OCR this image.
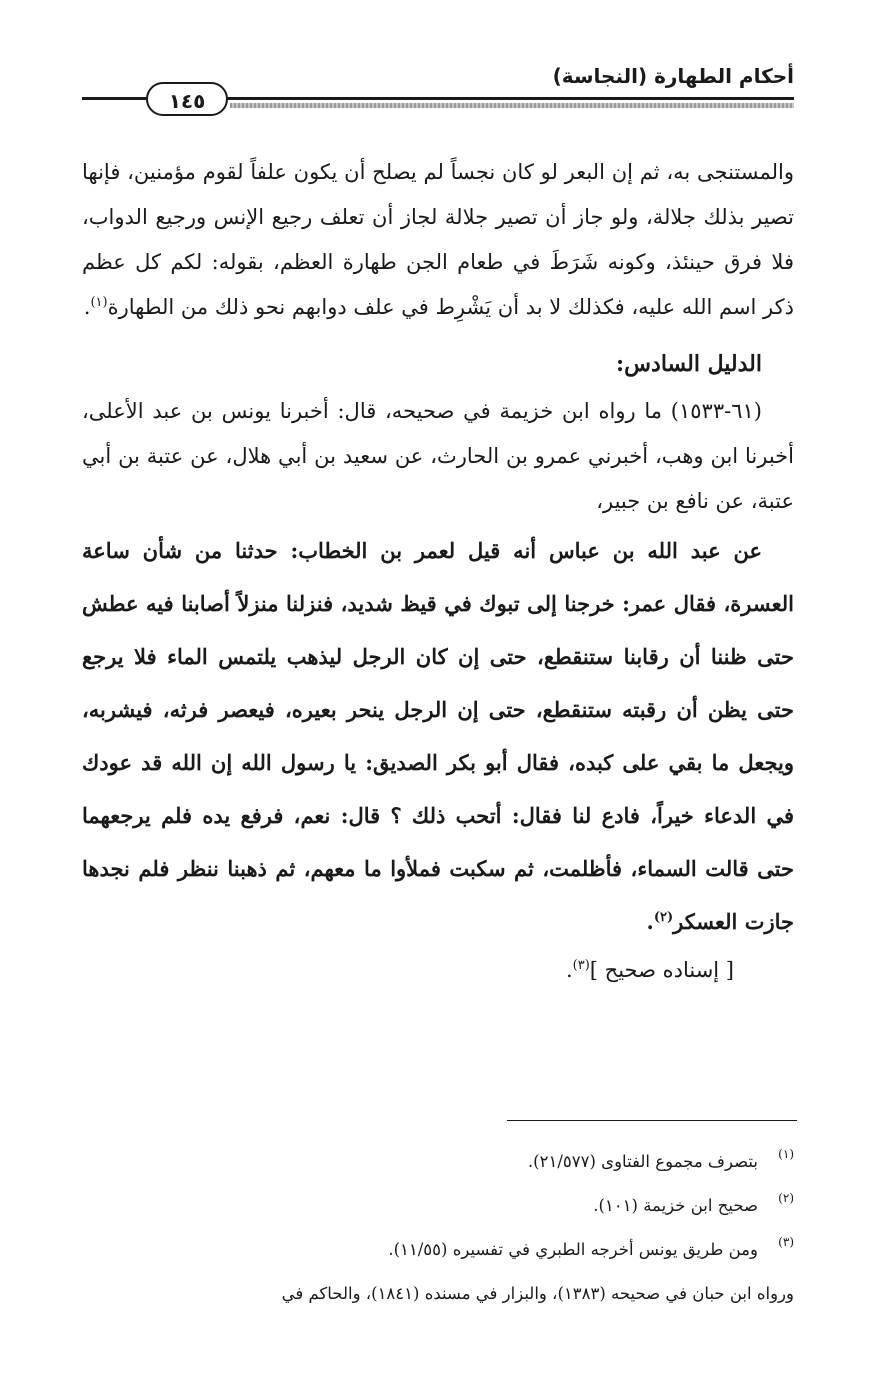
أحكام الطهارة (النجاسة)
١٤٥

والمستنجى به، ثم إن البعر لو كان نجساً لم يصلح أن يكون علفاً لقوم مؤمنين، فإنها تصير بذلك جلالة، ولو جاز أن تصير جلالة لجاز أن تعلف رجيع الإنس ورجيع الدواب، فلا فرق حينئذ، وكونه شَرَطَ في طعام الجن طهارة العظم، بقوله: لكم كل عظم ذكر اسم الله عليه، فكذلك لا بد أن يَشْرِط في علف دوابهم نحو ذلك من الطهارة$^{(١)}$.

الدليل السادس:

(٦١-١٥٣٣) ما رواه ابن خزيمة في صحيحه، قال: أخبرنا يونس بن عبد الأعلى، أخبرنا ابن وهب، أخبرني عمرو بن الحارث، عن سعيد بن أبي هلال، عن عتبة بن أبي عتبة، عن نافع بن جبير،

عن عبد الله بن عباس أنه قيل لعمر بن الخطاب: حدثنا من شأن ساعة العسرة، فقال عمر: خرجنا إلى تبوك في قيظ شديد، فنزلنا منزلاً أصابنا فيه عطش حتى ظننا أن رقابنا ستنقطع، حتى إن كان الرجل ليذهب يلتمس الماء فلا يرجع حتى يظن أن رقبته ستنقطع، حتى إن الرجل ينحر بعيره، فيعصر فرثه، فيشربه، ويجعل ما بقي على كبده، فقال أبو بكر الصديق: يا رسول الله إن الله قد عودك في الدعاء خيراً، فادع لنا فقال: أتحب ذلك ؟ قال: نعم، فرفع يده فلم يرجعهما حتى قالت السماء، فأظلمت، ثم سكبت فملأوا ما معهم، ثم ذهبنا ننظر فلم نجدها جازت العسكر$^{(٢)}$.

[ إسناده صحيح ]$^{(٣)}$.

(١)
بتصرف مجموع الفتاوى (٢١/٥٧٧).

(٢)
صحيح ابن خزيمة (١٠١).

(٣)
ومن طريق يونس أخرجه الطبري في تفسيره (١١/٥٥).

ورواه ابن حبان في صحيحه (١٣٨٣)، والبزار في مسنده (١٨٤١)، والحاكم في
